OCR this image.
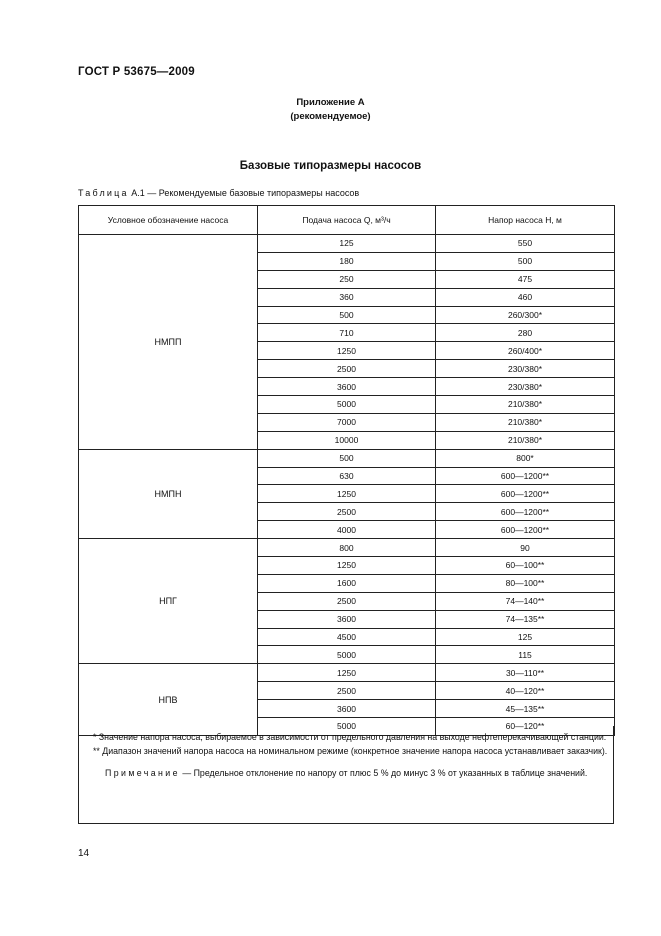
ГОСТ Р 53675—2009
Приложение А
(рекомендуемое)
Базовые типоразмеры насосов
Таблица А.1 — Рекомендуемые базовые типоразмеры насосов
Условное обозначение насоса	Подача насоса Q, м³/ч	Напор насоса H, м
НМПП	125	550
	180	500
	250	475
	360	460
	500	260/300*
	710	280
	1250	260/400*
	2500	230/380*
	3600	230/380*
	5000	210/380*
	7000	210/380*
	10000	210/380*
НМПН	500	800*
	630	600—1200**
	1250	600—1200**
	2500	600—1200**
	4000	600—1200**
НПГ	800	90
	1250	60—100**
	1600	80—100**
	2500	74—140**
	3600	74—135**
	4500	125
	5000	115
НПВ	1250	30—110**
	2500	40—120**
	3600	45—135**
	5000	60—120**

* Значение напора насоса, выбираемое в зависимости от предельного давления на выходе нефтеперекачивающей станции.

** Диапазон значений напора насоса на номинальном режиме (конкретное значение напора насоса устанавливает заказчик).

Примечание — Предельное отклонение по напору от плюс 5 % до минус 3 % от указанных в таблице значений.

14
